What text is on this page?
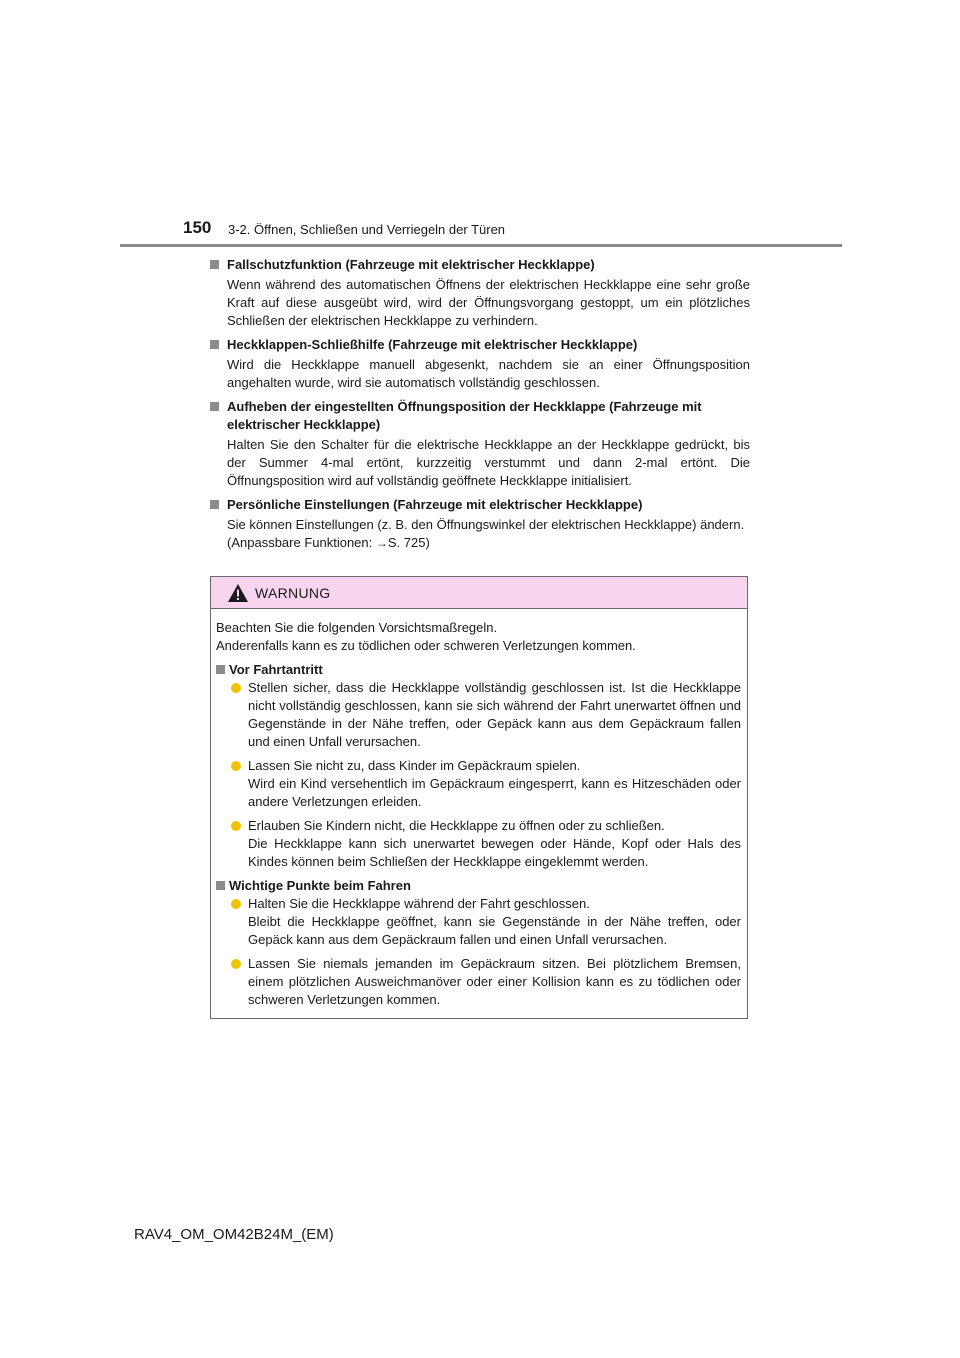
150 3-2. Öffnen, Schließen und Verriegeln der Türen

Fallschutzfunktion (Fahrzeuge mit elektrischer Heckklappe)

Wenn während des automatischen Öffnens der elektrischen Heckklappe eine sehr große Kraft auf diese ausgeübt wird, wird der Öffnungsvorgang gestoppt, um ein plötzliches Schließen der elektrischen Heckklappe zu verhindern.

Heckklappen-Schließhilfe (Fahrzeuge mit elektrischer Heckklappe)

Wird die Heckklappe manuell abgesenkt, nachdem sie an einer Öffnungsposition angehalten wurde, wird sie automatisch vollständig geschlossen.

Aufheben der eingestellten Öffnungsposition der Heckklappe (Fahrzeuge mit elektrischer Heckklappe)

Halten Sie den Schalter für die elektrische Heckklappe an der Heckklappe gedrückt, bis der Summer 4-mal ertönt, kurzzeitig verstummt und dann 2-mal ertönt. Die Öffnungsposition wird auf vollständig geöffnete Heckklappe initialisiert.

Persönliche Einstellungen (Fahrzeuge mit elektrischer Heckklappe)

Sie können Einstellungen (z. B. den Öffnungswinkel der elektrischen Heckklappe) ändern.

(Anpassbare Funktionen: →S. 725)

WARNUNG

Beachten Sie die folgenden Vorsichtsmaßregeln.

Anderenfalls kann es zu tödlichen oder schweren Verletzungen kommen.

Vor Fahrtantritt

Stellen sicher, dass die Heckklappe vollständig geschlossen ist. Ist die Heckklappe nicht vollständig geschlossen, kann sie sich während der Fahrt unerwartet öffnen und Gegenstände in der Nähe treffen, oder Gepäck kann aus dem Gepäckraum fallen und einen Unfall verursachen.

Lassen Sie nicht zu, dass Kinder im Gepäckraum spielen.

Wird ein Kind versehentlich im Gepäckraum eingesperrt, kann es Hitzeschäden oder andere Verletzungen erleiden.

Erlauben Sie Kindern nicht, die Heckklappe zu öffnen oder zu schließen.

Die Heckklappe kann sich unerwartet bewegen oder Hände, Kopf oder Hals des Kindes können beim Schließen der Heckklappe eingeklemmt werden.

Wichtige Punkte beim Fahren

Halten Sie die Heckklappe während der Fahrt geschlossen.

Bleibt die Heckklappe geöffnet, kann sie Gegenstände in der Nähe treffen, oder Gepäck kann aus dem Gepäckraum fallen und einen Unfall verursachen.

Lassen Sie niemals jemanden im Gepäckraum sitzen. Bei plötzlichem Bremsen, einem plötzlichen Ausweichmanöver oder einer Kollision kann es zu tödlichen oder schweren Verletzungen kommen.

RAV4_OM_OM42B24M_(EM)
